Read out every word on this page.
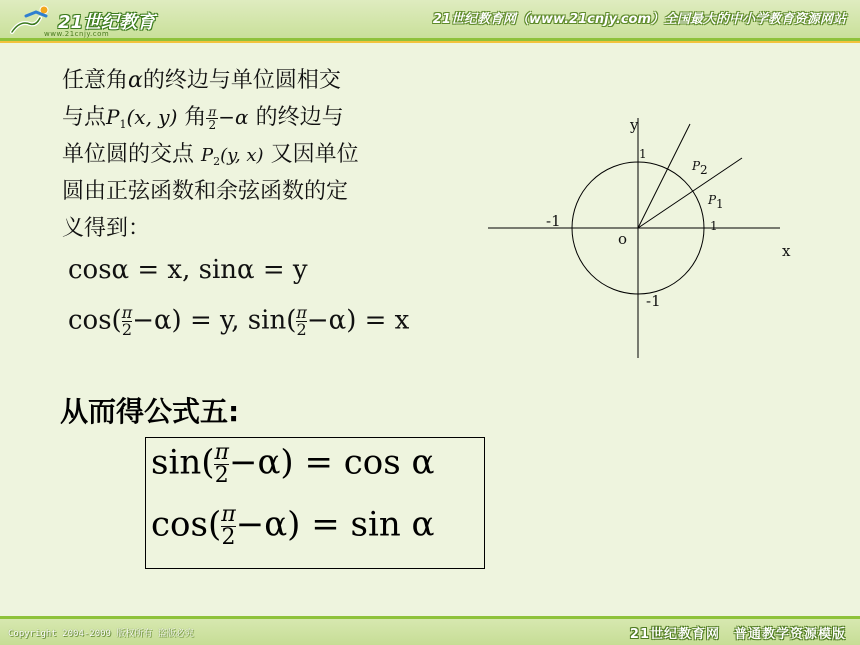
21世纪教育
www.21cnjy.com
21世纪教育网（www.21cnjy.com）全国最大的中小学教育资源网站
任意角α的终边与单位圆相交
与点$P_1(x$, y) 角 $\frac{\pi}{2} -\alpha$ 的终边与
单位圆的交点 $P_2(y$, x) 又因单位
圆由正弦函数和余弦函数的定
义得到：
cosα = x, sinα = y
$\cos( \frac{\pi}{2} -\alpha) = y$, $\sin( \frac{\pi}{2} -\alpha) = x$
从而得公式五:
$\sin( \frac{\pi}{2} -\alpha) = \cos \alpha$
$\cos( \frac{\pi}{2} -\alpha) = \sin \alpha$
y
x
o
1
1
-1
-1
P 2
P 1
Copyright 2004-2009 版权所有 盗版必究	21世纪教育网　普通教学资源模版
